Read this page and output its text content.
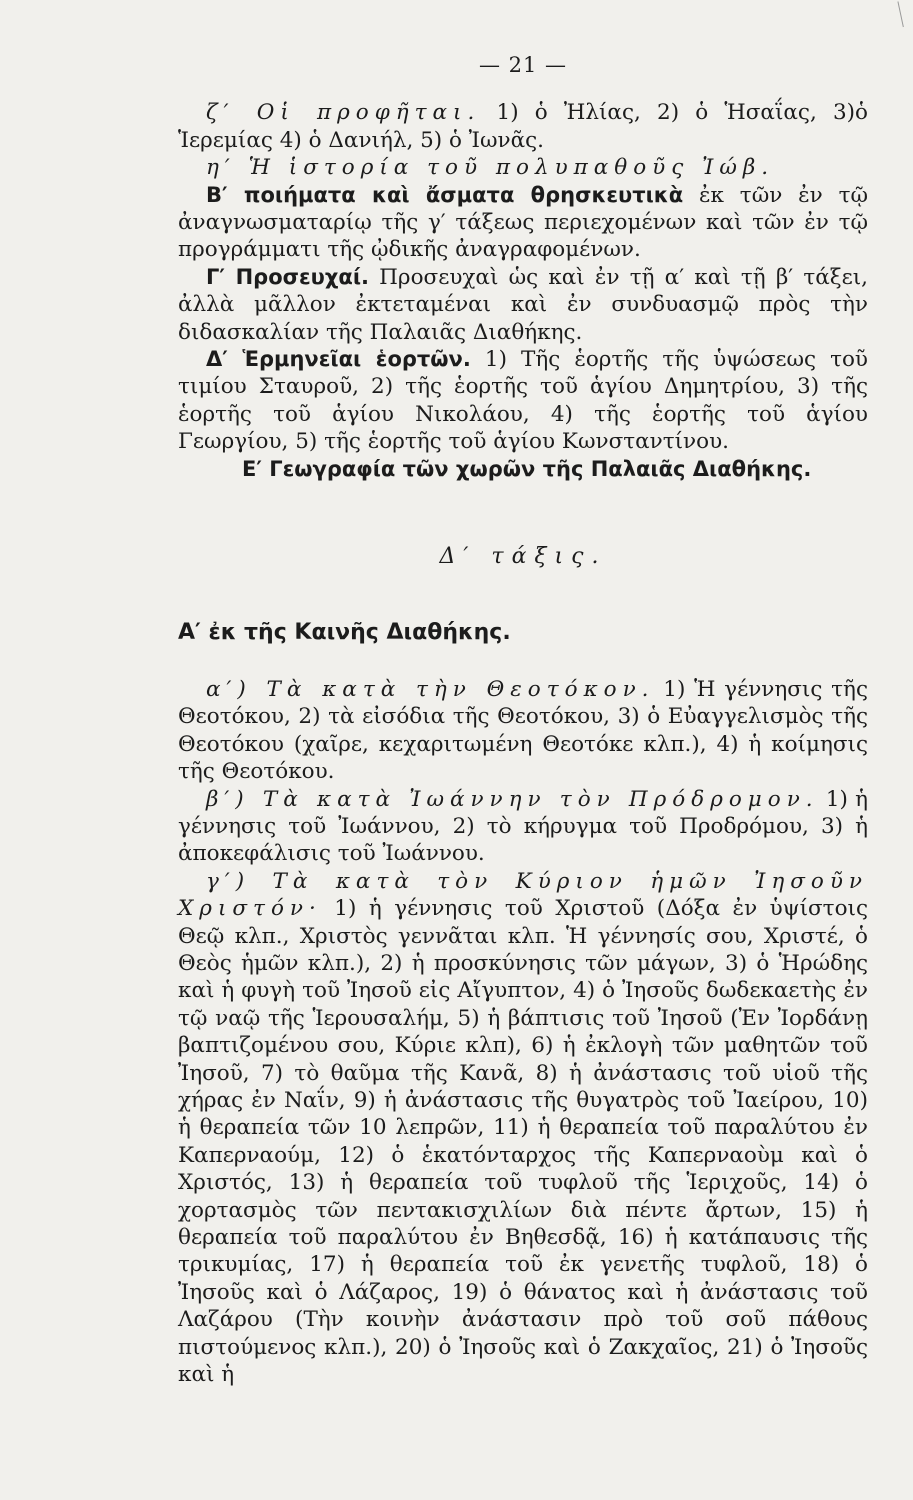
— 21 —

ζ′ Οἱ προφῆται. 1) ὁ Ἠλίας, 2) ὁ Ἡσαΐας, 3)ὁ Ἱερεμίας 4) ὁ Δανιήλ, 5) ὁ Ἰωνᾶς.

η′ Ἡ ἱστορία τοῦ πολυπαθοῦς Ἰώβ.

Β′ ποιήματα καὶ ἄσματα θρησκευτικὰ ἐκ τῶν ἐν τῷ ἀναγνωσματαρίῳ τῆς γ′ τάξεως περιεχομένων καὶ τῶν ἐν τῷ προγράμματι τῆς ᾠδικῆς ἀναγραφομένων.

Γ′ Προσευχαί. Προσευχαὶ ὡς καὶ ἐν τῇ α′ καὶ τῇ β′ τάξει, ἀλλὰ μᾶλλον ἐκτεταμέναι καὶ ἐν συνδυασμῷ πρὸς τὴν διδασκαλίαν τῆς Παλαιᾶς Διαθήκης.

Δ′ Ἑρμηνεῖαι ἑορτῶν. 1) Τῆς ἑορτῆς τῆς ὑψώσεως τοῦ τιμίου Σταυροῦ, 2) τῆς ἑορτῆς τοῦ ἁγίου Δημητρίου, 3) τῆς ἑορτῆς τοῦ ἁγίου Νικολάου, 4) τῆς ἑορτῆς τοῦ ἁγίου Γεωργίου, 5) τῆς ἑορτῆς τοῦ ἁγίου Κωνσταντίνου.

Ε′ Γεωγραφία τῶν χωρῶν τῆς Παλαιᾶς Διαθήκης.

Δ′ τάξις.

Α′ ἐκ τῆς Καινῆς Διαθήκης.

α′) Τὰ κατὰ τὴν Θεοτόκον. 1) Ἡ γέννησις τῆς Θεοτόκου, 2) τὰ εἰσόδια τῆς Θεοτόκου, 3) ὁ Εὐαγγελισμὸς τῆς Θεοτόκου (χαῖρε, κεχαριτωμένη Θεοτόκε κλπ.), 4) ἡ κοίμησις τῆς Θεοτόκου.

β′) Τὰ κατὰ Ἰωάννην τὸν Πρόδρομον. 1) ἡ γέννησις τοῦ Ἰωάννου, 2) τὸ κήρυγμα τοῦ Προδρόμου, 3) ἡ ἀποκεφάλισις τοῦ Ἰωάννου.

γ′) Τὰ κατὰ τὸν Κύριον ἡμῶν Ἰησοῦν Χριστόν· 1) ἡ γέννησις τοῦ Χριστοῦ (Δόξα ἐν ὑψίστοις Θεῷ κλπ., Χριστὸς γεννᾶται κλπ. Ἡ γέννησίς σου, Χριστέ, ὁ Θεὸς ἡμῶν κλπ.), 2) ἡ προσκύνησις τῶν μάγων, 3) ὁ Ἡρώδης καὶ ἡ φυγὴ τοῦ Ἰησοῦ εἰς Αἴγυπτον, 4) ὁ Ἰησοῦς δωδεκαετὴς ἐν τῷ ναῷ τῆς Ἱερουσαλήμ, 5) ἡ βάπτισις τοῦ Ἰησοῦ (Ἐν Ἰορδάνῃ βαπτιζομένου σου, Κύριε κλπ), 6) ἡ ἐκλογὴ τῶν μαθητῶν τοῦ Ἰησοῦ, 7) τὸ θαῦμα τῆς Κανᾶ, 8) ἡ ἀνάστασις τοῦ υἱοῦ τῆς χήρας ἐν Ναΐν, 9) ἡ ἀνάστασις τῆς θυγατρὸς τοῦ Ἰαείρου, 10) ἡ θεραπεία τῶν 10 λεπρῶν, 11) ἡ θεραπεία τοῦ παραλύτου ἐν Καπερναούμ, 12) ὁ ἑκατόνταρχος τῆς Καπερναοὺμ καὶ ὁ Χριστός, 13) ἡ θεραπεία τοῦ τυφλοῦ τῆς Ἱεριχοῦς, 14) ὁ χορτασμὸς τῶν πεντακισχιλίων διὰ πέντε ἄρτων, 15) ἡ θεραπεία τοῦ παραλύτου ἐν Βηθεσδᾷ, 16) ἡ κατάπαυσις τῆς τρικυμίας, 17) ἡ θεραπεία τοῦ ἐκ γενετῆς τυφλοῦ, 18) ὁ Ἰησοῦς καὶ ὁ Λάζαρος, 19) ὁ θάνατος καὶ ἡ ἀνάστασις τοῦ Λαζάρου (Τὴν κοινὴν ἀνάστασιν πρὸ τοῦ σοῦ πάθους πιστούμενος κλπ.), 20) ὁ Ἰησοῦς καὶ ὁ Ζακχαῖος, 21) ὁ Ἰησοῦς καὶ ἡ
